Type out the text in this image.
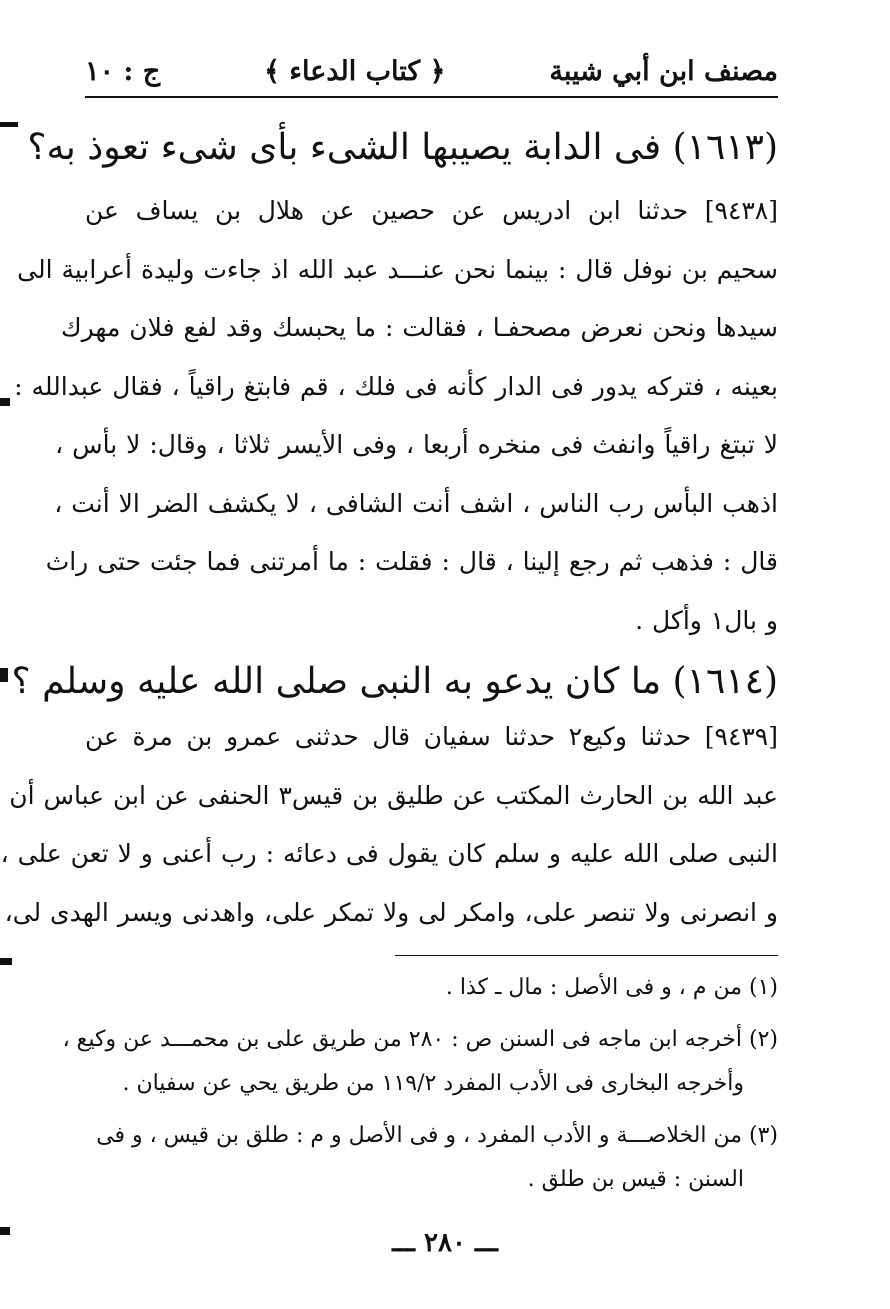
مصنف ابن أبي شيبة
﴿ كتاب الدعاء ﴾
ج : ١٠
(١٦١٣) فى الدابة يصيبها الشىء بأى شىء تعوذ به؟
[٩٤٣٨] حدثنا ابن ادريس عن حصين عن هلال بن يساف عن
سحيم بن نوفل قال : بينما نحن عنـــد عبد الله اذ جاءت وليدة أعرابية الى
سيدها ونحن نعرض مصحفـا ، فقالت : ما يحبسك وقد لفع فلان مهرك
بعينه ، فتركه يدور فى الدار كأنه فى فلك ، قم فابتغ راقياً ، فقال عبدالله :
لا تبتغ راقياً وانفث فى منخره أربعا ، وفى الأيسر ثلاثا ، وقال: لا بأس ،
اذهب البأس رب الناس ، اشف أنت الشافى ، لا يكشف الضر الا أنت ،
قال : فذهب ثم رجع إلينا ، قال : فقلت : ما أمرتنى فما جئت حتى راث
و بال١ وأكل .
(١٦١٤) ما كان يدعو به النبى صلى الله عليه وسلم ؟
[٩٤٣٩] حدثنا وكيع٢ حدثنا سفيان قال حدثنى عمرو بن مرة عن
عبد الله بن الحارث المكتب عن طليق بن قيس٣ الحنفى عن ابن عباس أن
النبى صلى الله عليه و سلم كان يقول فى دعائه : رب أعنى و لا تعن على ،
و انصرنى ولا تنصر على، وامكر لى ولا تمكر على، واهدنى ويسر الهدى لى،
(١) من م ، و فى الأصل : مال ـ كذا .
(٢) أخرجه ابن ماجه فى السنن ص : ٢٨٠ من طريق على بن محمـــد عن وكيع ،
وأخرجه البخارى فى الأدب المفرد ١١٩/٢ من طريق يحي عن سفيان .
(٣) من الخلاصـــة و الأدب المفرد ، و فى الأصل و م : طلق بن قيس ، و فى
السنن : قيس بن طلق .
ـــ ٢٨٠ ـــ
